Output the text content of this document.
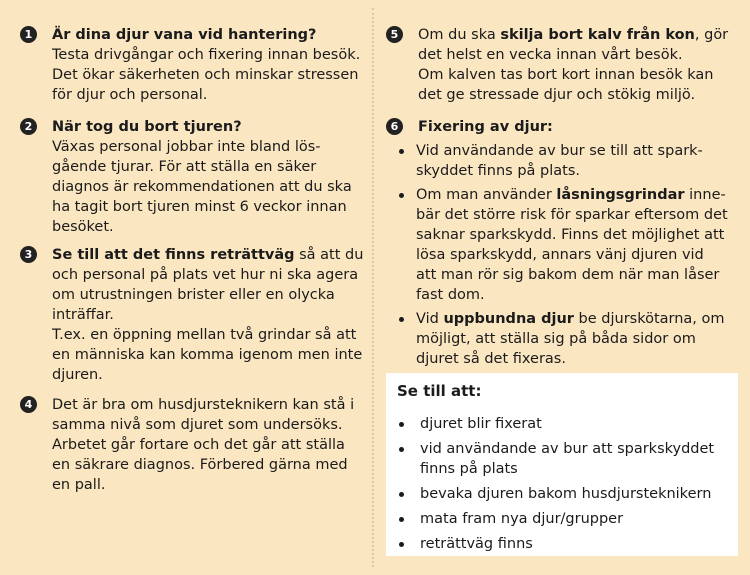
1	Är dina djur vana vid hantering?

Testa drivgångar och fixering innan besök.

Det ökar säkerheten och minskar stressen

för djur och personal.

2	När tog du bort tjuren?

Växas personal jobbar inte bland lös-

gående tjurar. För att ställa en säker

diagnos är rekommendationen att du ska

ha tagit bort tjuren minst 6 veckor innan

besöket.

3	Se till att det finns reträttväg så att du

och personal på plats vet hur ni ska agera

om utrustningen brister eller en olycka

inträffar.

T.ex. en öppning mellan två grindar så att

en människa kan komma igenom men inte

djuren.

4	Det är bra om husdjursteknikern kan stå i

samma nivå som djuret som undersöks.

Arbetet går fortare och det går att ställa

en säkrare diagnos. Förbered gärna med

en pall.

5	Om du ska skilja bort kalv från kon, gör

det helst en vecka innan vårt besök.

Om kalven tas bort kort innan besök kan

det ge stressade djur och stökig miljö.

6	Fixering av djur:

Vid användande av bur se till att spark-

skyddet finns på plats.

Om man använder låsningsgrindar inne-

bär det större risk för sparkar eftersom det

saknar sparkskydd. Finns det möjlighet att

lösa sparkskydd, annars vänj djuren vid

att man rör sig bakom dem när man låser

fast dom.

Vid uppbundna djur be djurskötarna, om

möjligt, att ställa sig på båda sidor om

djuret så det fixeras.

Se till att:
djuret blir fixerat

vid användande av bur att sparkskyddet

finns på plats

bevaka djuren bakom husdjursteknikern
mata fram nya djur/grupper
reträttväg finns
